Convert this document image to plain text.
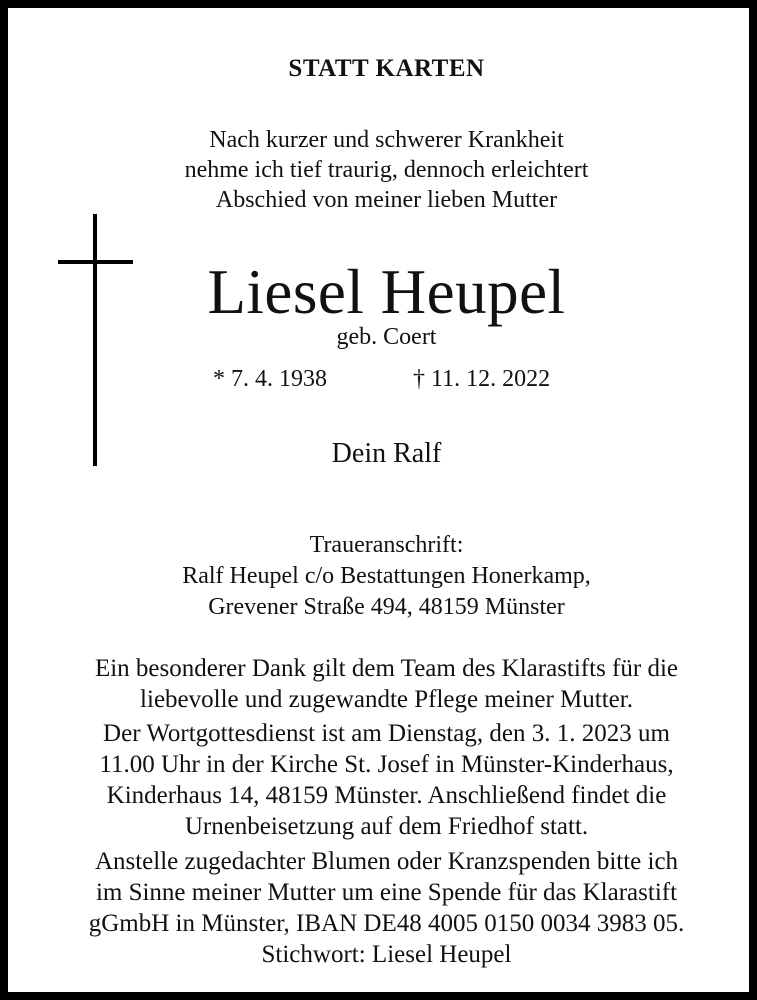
STATT KARTEN
Nach kurzer und schwerer Krankheit
nehme ich tief traurig, dennoch erleichtert
Abschied von meiner lieben Mutter
Liesel Heupel
geb. Coert
* 7. 4. 1938	† 11. 12. 2022
Dein Ralf
Traueranschrift:
Ralf Heupel c/o Bestattungen Honerkamp,
Grevener Straße 494, 48159 Münster
Ein besonderer Dank gilt dem Team des Klarastifts für die
liebevolle und zugewandte Pflege meiner Mutter.
Der Wortgottesdienst ist am Dienstag, den 3. 1. 2023 um
11.00 Uhr in der Kirche St. Josef in Münster-Kinderhaus,
Kinderhaus 14, 48159 Münster. Anschließend findet die
Urnenbeisetzung auf dem Friedhof statt.
Anstelle zugedachter Blumen oder Kranzspenden bitte ich
im Sinne meiner Mutter um eine Spende für das Klarastift
gGmbH in Münster, IBAN DE48 4005 0150 0034 3983 05.
Stichwort: Liesel Heupel
